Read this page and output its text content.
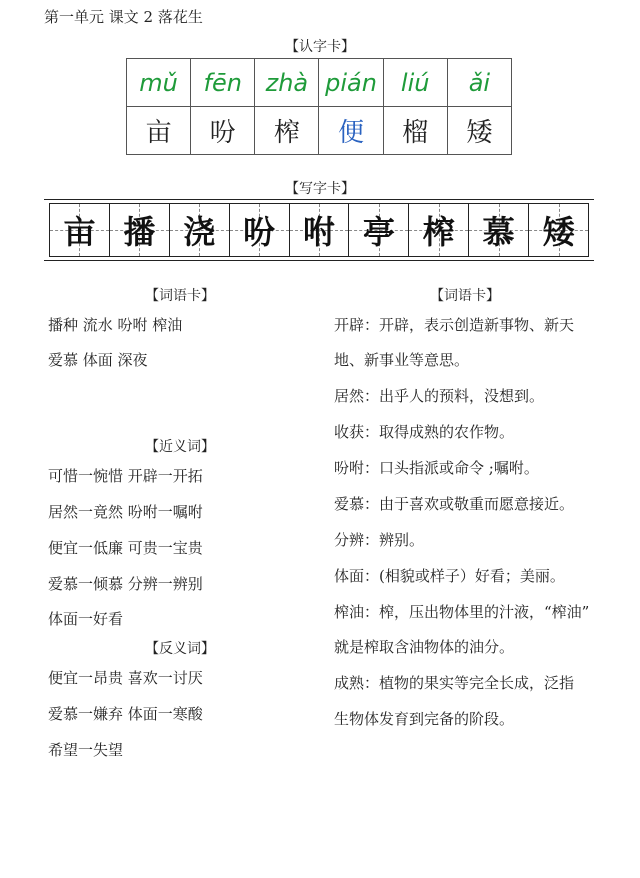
第一单元 课文 2 落花生
【认字卡】
mǔ	fēn	zhà	pián	liú	ǎi
亩	吩	榨	便	榴	矮
【写字卡】
亩 播 浇 吩 咐 亭 榨 慕 矮
【词语卡】
播种 流水 吩咐 榨油
爱慕 体面 深夜
【近义词】
可惜一惋惜 开辟一开拓
居然一竟然 吩咐一嘱咐
便宜一低廉 可贵一宝贵
爱慕一倾慕 分辨一辨别
体面一好看
【反义词】
便宜一昂贵 喜欢一讨厌
爱慕一嫌弃 体面一寒酸
希望一失望
【词语卡】
开辟：开辟，表示创造新事物、新天
地、新事业等意思。
居然：出乎人的预料，没想到。
收获：取得成熟的农作物。
吩咐：口头指派或命令 ;嘱咐。
爱慕：由于喜欢或敬重而愿意接近。
分辨：辨别。
体面：(相貌或样子）好看；美丽。
榨油：榨，压出物体里的汁液，“榨油”
就是榨取含油物体的油分。
成熟：植物的果实等完全长成，泛指
生物体发育到完备的阶段。
